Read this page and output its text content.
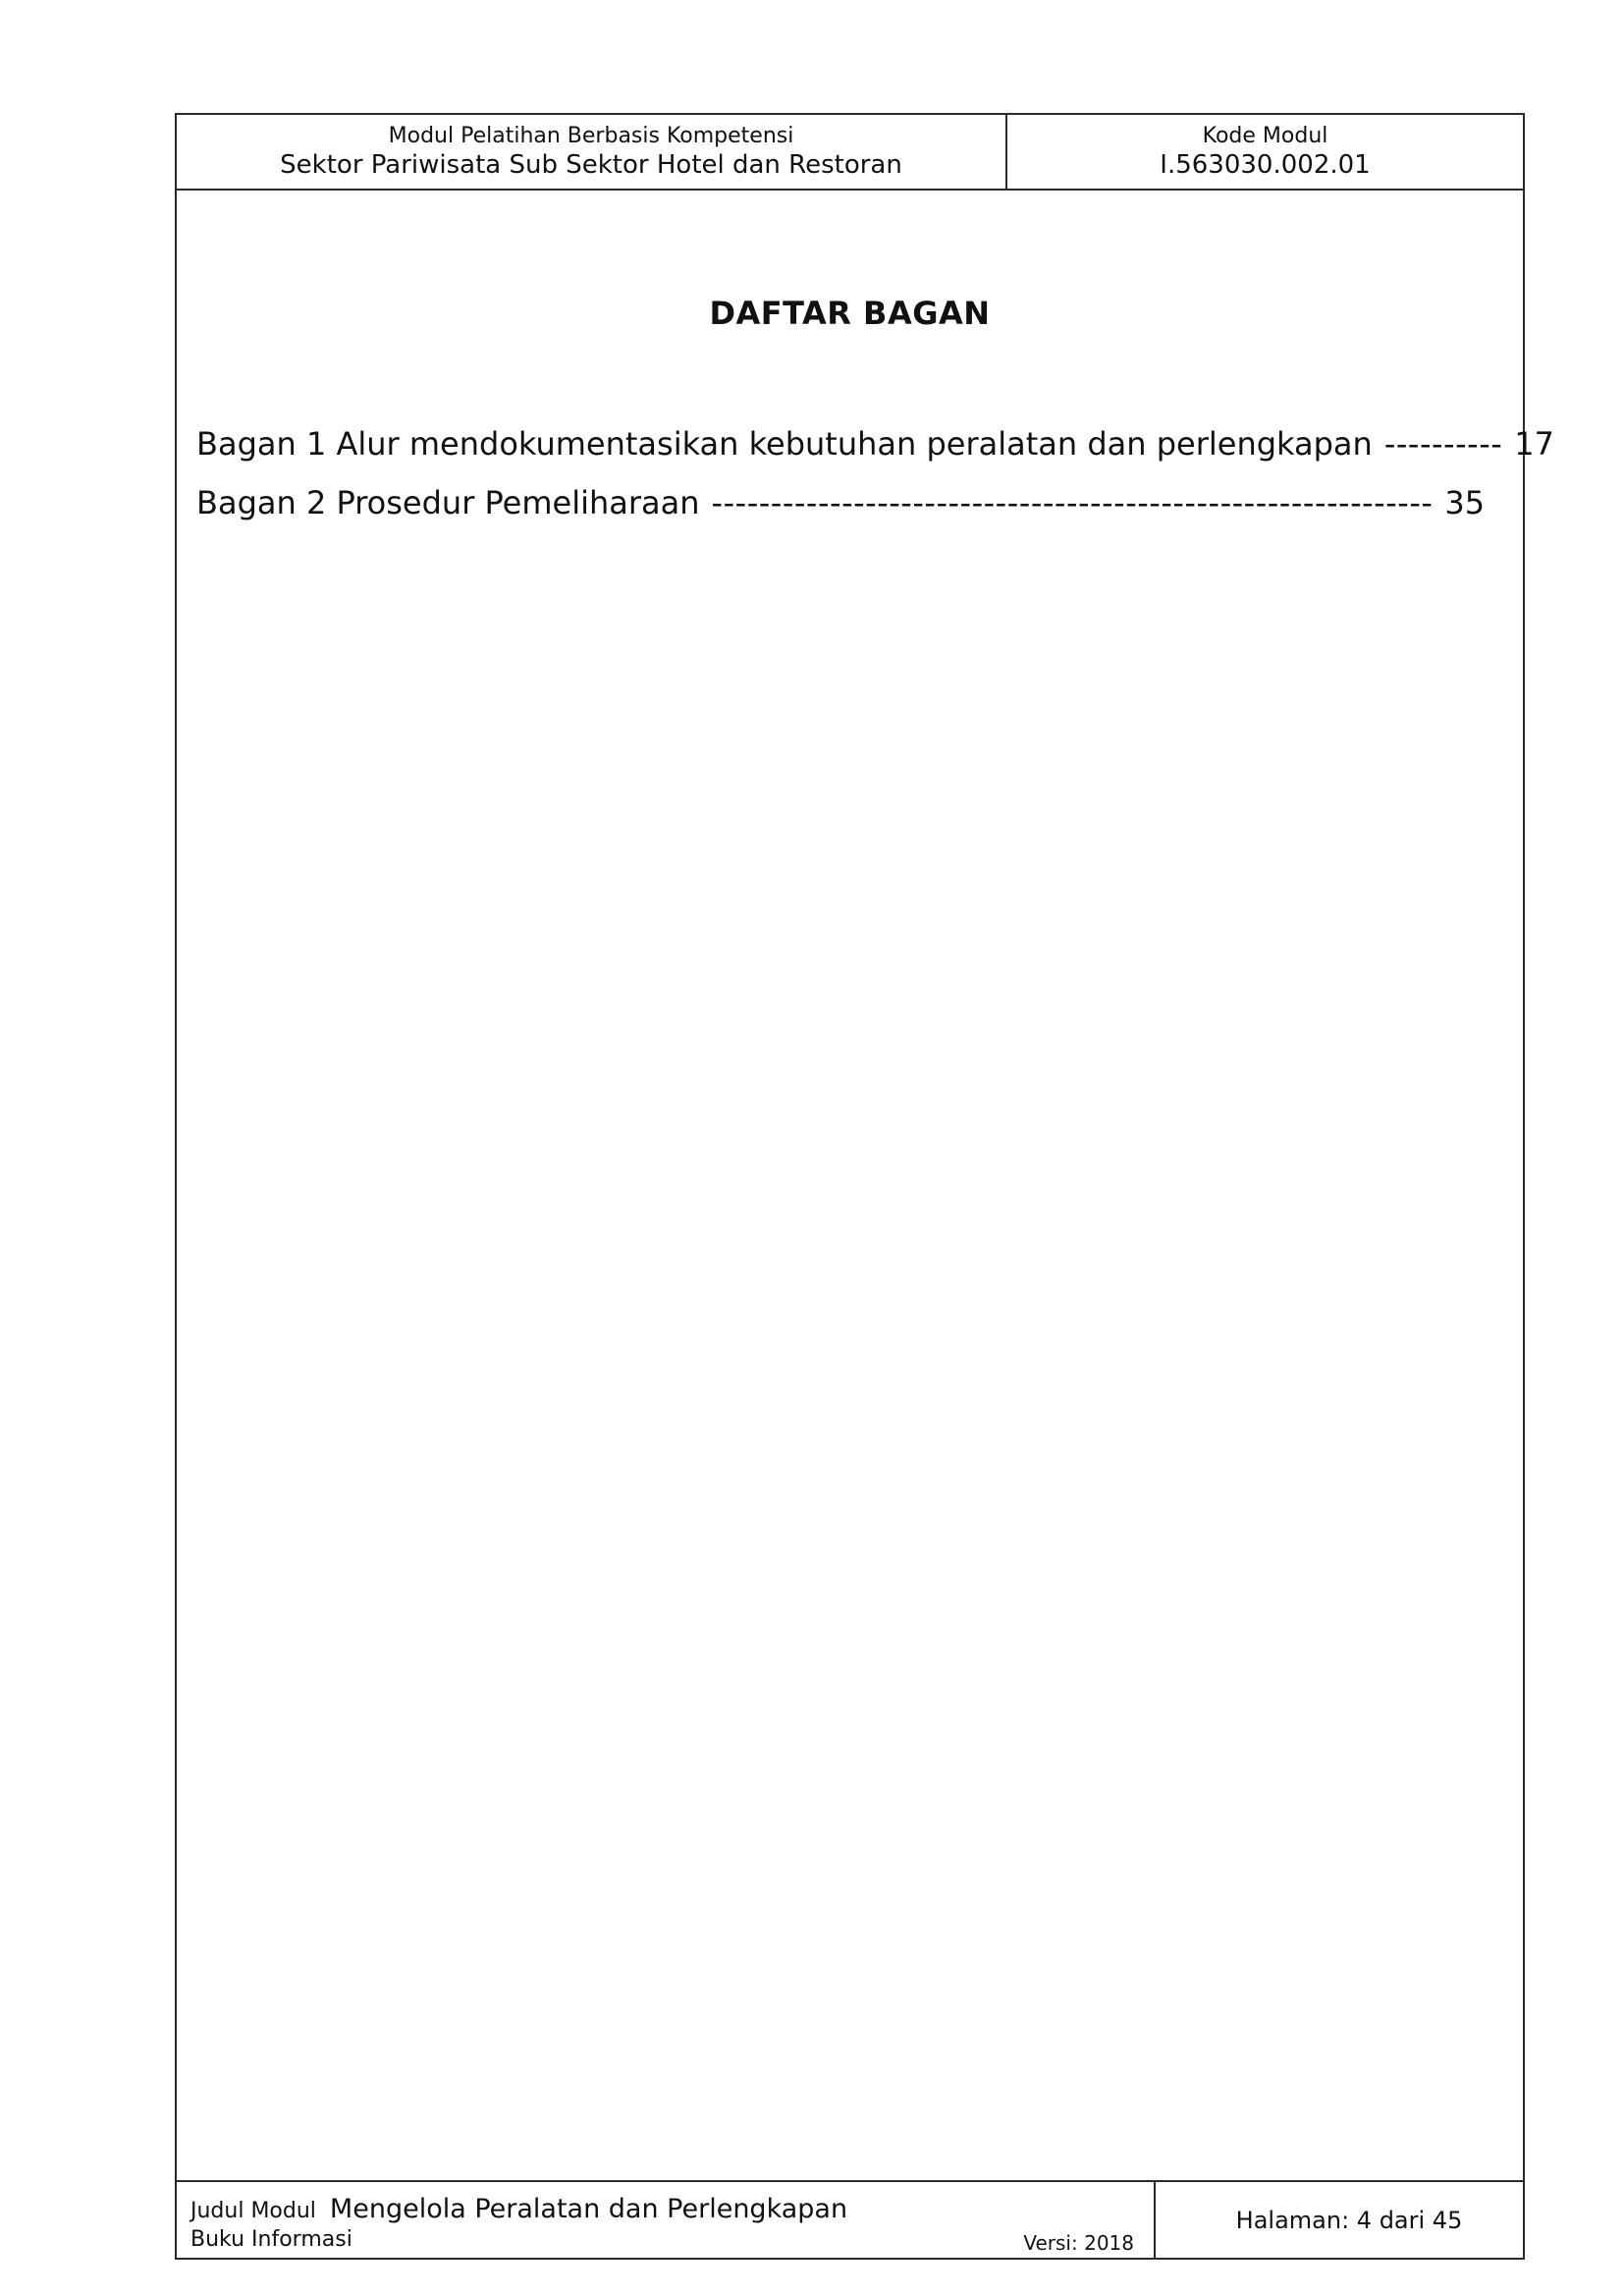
Modul Pelatihan Berbasis Kompetensi
Sektor Pariwisata Sub Sektor Hotel dan Restoran
Kode Modul
I.563030.002.01
DAFTAR BAGAN
Bagan 1 Alur mendokumentasikan kebutuhan peralatan dan perlengkapan ---------- 17
Bagan 2 Prosedur Pemeliharaan ------------------------------------------------------------- 35
Judul Modul Mengelola Peralatan dan Perlengkapan
Buku Informasi	Versi: 2018
Halaman: 4 dari 45
